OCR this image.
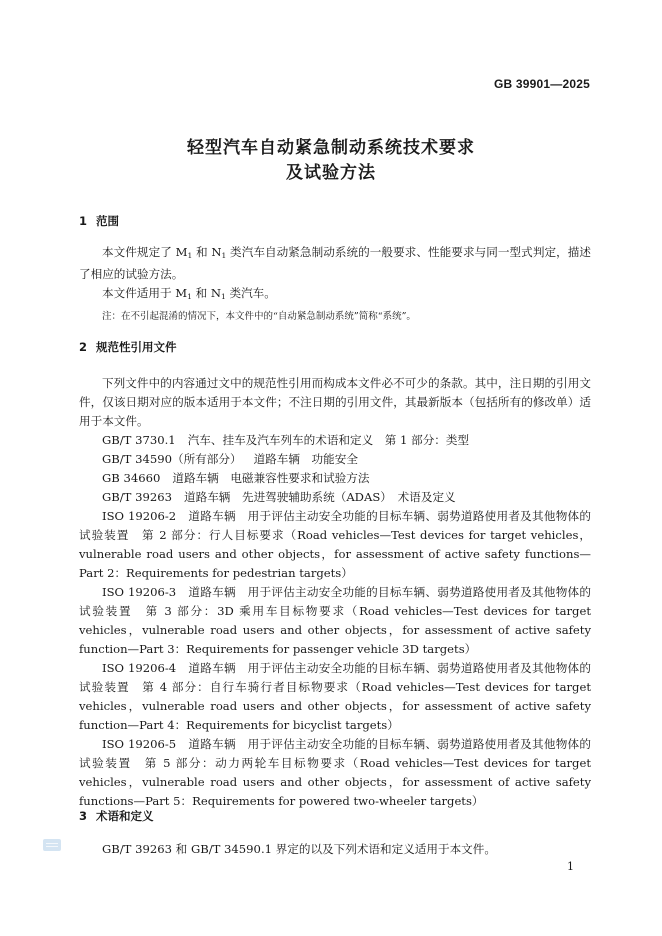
GB 39901—2025
轻型汽车自动紧急制动系统技术要求
及试验方法
1 范围

本文件规定了 $M_1$ 和 $N_1$ 类汽车自动紧急制动系统的一般要求、性能要求与同一型式判定，描述了相应的试验方法。

本文件适用于 $M_1$ 和 $N_1$ 类汽车。

注：在不引起混淆的情况下，本文件中的“自动紧急制动系统”简称“系统”。

2 规范性引用文件

下列文件中的内容通过文中的规范性引用而构成本文件必不可少的条款。其中，注日期的引用文件，仅该日期对应的版本适用于本文件；不注日期的引用文件，其最新版本（包括所有的修改单）适用于本文件。

GB/T 3730.1 汽车、挂车及汽车列车的术语和定义　第 1 部分：类型

GB/T 34590（所有部分） 道路车辆　功能安全

GB 34660 道路车辆　电磁兼容性要求和试验方法

GB/T 39263 道路车辆　先进驾驶辅助系统（ADAS）　术语及定义

ISO 19206-2 道路车辆　用于评估主动安全功能的目标车辆、弱势道路使用者及其他物体的试验装置　第 2 部分：行人目标要求（Road vehicles—Test devices for target vehicles，vulnerable road users and other objects，for assessment of active safety functions—Part 2：Requirements for pedestrian targets）

ISO 19206-3 道路车辆　用于评估主动安全功能的目标车辆、弱势道路使用者及其他物体的试验装置　第 3 部分：3D 乘用车目标物要求（Road vehicles—Test devices for target vehicles，vulnerable road users and other objects，for assessment of active safety function—Part 3：Requirements for passenger vehicle 3D targets）

ISO 19206-4 道路车辆　用于评估主动安全功能的目标车辆、弱势道路使用者及其他物体的试验装置　第 4 部分：自行车骑行者目标物要求（Road vehicles—Test devices for target vehicles，vulnerable road users and other objects，for assessment of active safety function—Part 4：Requirements for bicyclist targets）

ISO 19206-5 道路车辆　用于评估主动安全功能的目标车辆、弱势道路使用者及其他物体的试验装置　第 5 部分：动力两轮车目标物要求（Road vehicles—Test devices for target vehicles，vulnerable road users and other objects，for assessment of active safety functions—Part 5：Requirements for powered two-wheeler targets）

3 术语和定义

GB/T 39263 和 GB/T 34590.1 界定的以及下列术语和定义适用于本文件。

1
